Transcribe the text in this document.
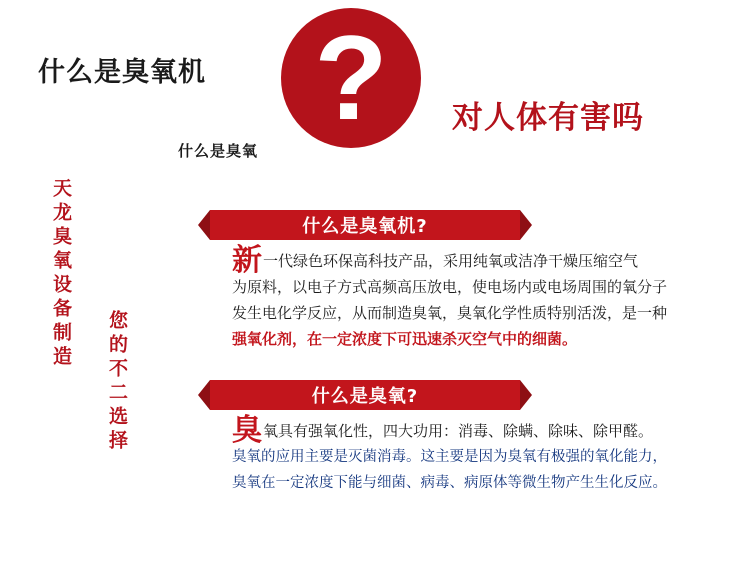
什么是臭氧机 ?	对人体有害吗
什么是臭氧
天龙臭氧设备制造
您的不二选择
什么是臭氧机?

新一代绿色环保高科技产品，采用纯氧或洁净干燥压缩空气

为原料，以电子方式高频高压放电，使电场内或电场周围的氧分子

发生电化学反应，从而制造臭氧，臭氧化学性质特别活泼，是一种

强氧化剂，在一定浓度下可迅速杀灭空气中的细菌。

什么是臭氧?

臭氧具有强氧化性，四大功用：消毒、除螨、除味、除甲醛。

臭氧的应用主要是灭菌消毒。这主要是因为臭氧有极强的氧化能力，

臭氧在一定浓度下能与细菌、病毒、病原体等微生物产生生化反应。
